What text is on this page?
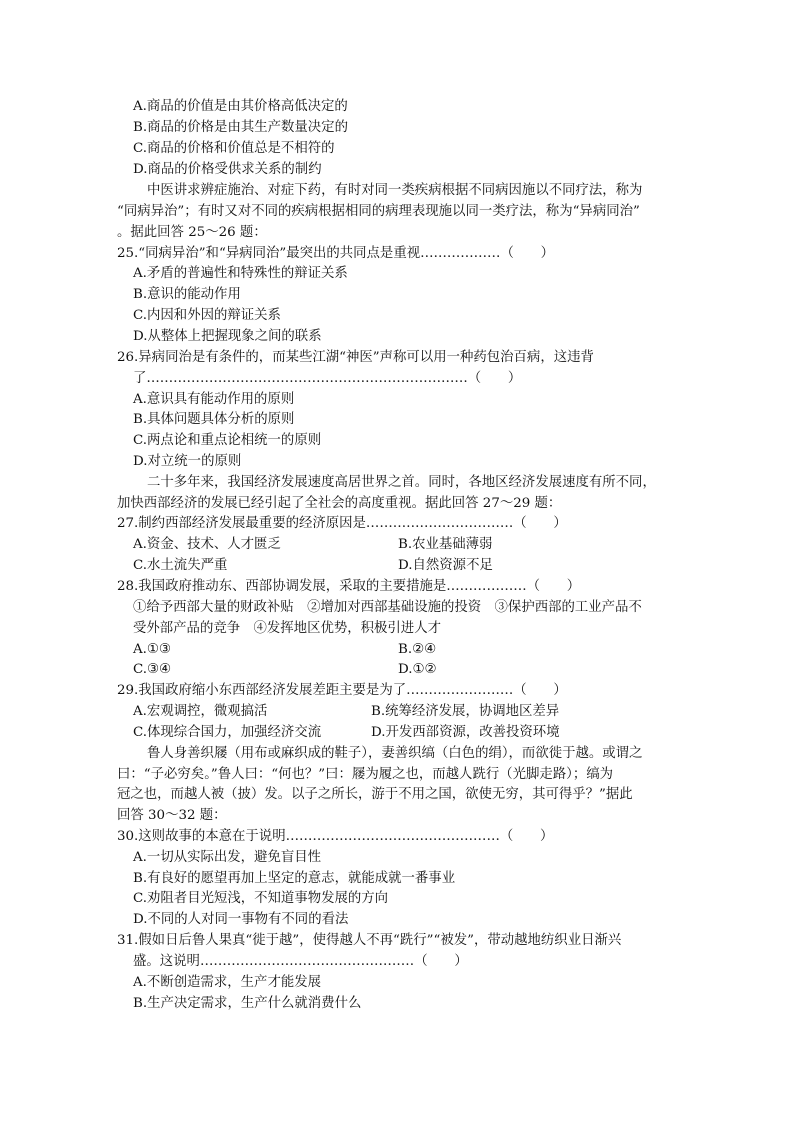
A.商品的价值是由其价格高低决定的
B.商品的价格是由其生产数量决定的
C.商品的价格和价值总是不相符的
D.商品的价格受供求关系的制约
中医讲求辨症施治、对症下药，有时对同一类疾病根据不同病因施以不同疗法，称为
“同病异治”；有时又对不同的疾病根据相同的病理表现施以同一类疗法，称为“异病同治”
。据此回答 25～26 题：
25.“同病异治”和“异病同治”最突出的共同点是重视………………（　　）
A.矛盾的普遍性和特殊性的辩证关系
B.意识的能动作用
C.内因和外因的辩证关系
D.从整体上把握现象之间的联系
26.异病同治是有条件的，而某些江湖“神医”声称可以用一种药包治百病，这违背
了………………………………………………………………（　　）
A.意识具有能动作用的原则
B.具体问题具体分析的原则
C.两点论和重点论相统一的原则
D.对立统一的原则
二十多年来，我国经济发展速度高居世界之首。同时，各地区经济发展速度有所不同，
加快西部经济的发展已经引起了全社会的高度重视。据此回答 27～29 题：
27.制约西部经济发展最重要的经济原因是……………………………（　　）
A.资金、技术、人才匮乏	B.农业基础薄弱
C.水土流失严重	D.自然资源不足
28.我国政府推动东、西部协调发展，采取的主要措施是………………（　　）
①给予西部大量的财政补贴　②增加对西部基础设施的投资　③保护西部的工业产品不
受外部产品的竞争　④发挥地区优势，积极引进人才
A.①③	B.②④
C.③④	D.①②
29.我国政府缩小东西部经济发展差距主要是为了……………………（　　）
A.宏观调控，微观搞活	B.统筹经济发展，协调地区差异
C.体现综合国力，加强经济交流	D.开发西部资源，改善投资环境
鲁人身善织屦（用布或麻织成的鞋子），妻善织缟（白色的绢），而欲徙于越。或谓之
曰：“子必穷矣。”鲁人曰：“何也？”曰：屦为履之也，而越人跣行（光脚走路）；缟为
冠之也，而越人被（披）发。以子之所长，游于不用之国，欲使无穷，其可得乎？”据此
回答 30～32 题：
30.这则故事的本意在于说明…………………………………………（　　）
A.一切从实际出发，避免盲目性
B.有良好的愿望再加上坚定的意志，就能成就一番事业
C.劝阻者目光短浅，不知道事物发展的方向
D.不同的人对同一事物有不同的看法
31.假如日后鲁人果真“徙于越”，使得越人不再“跣行”“被发”，带动越地纺织业日渐兴
盛。这说明…………………………………………（　　）
A.不断创造需求，生产才能发展
B.生产决定需求，生产什么就消费什么
